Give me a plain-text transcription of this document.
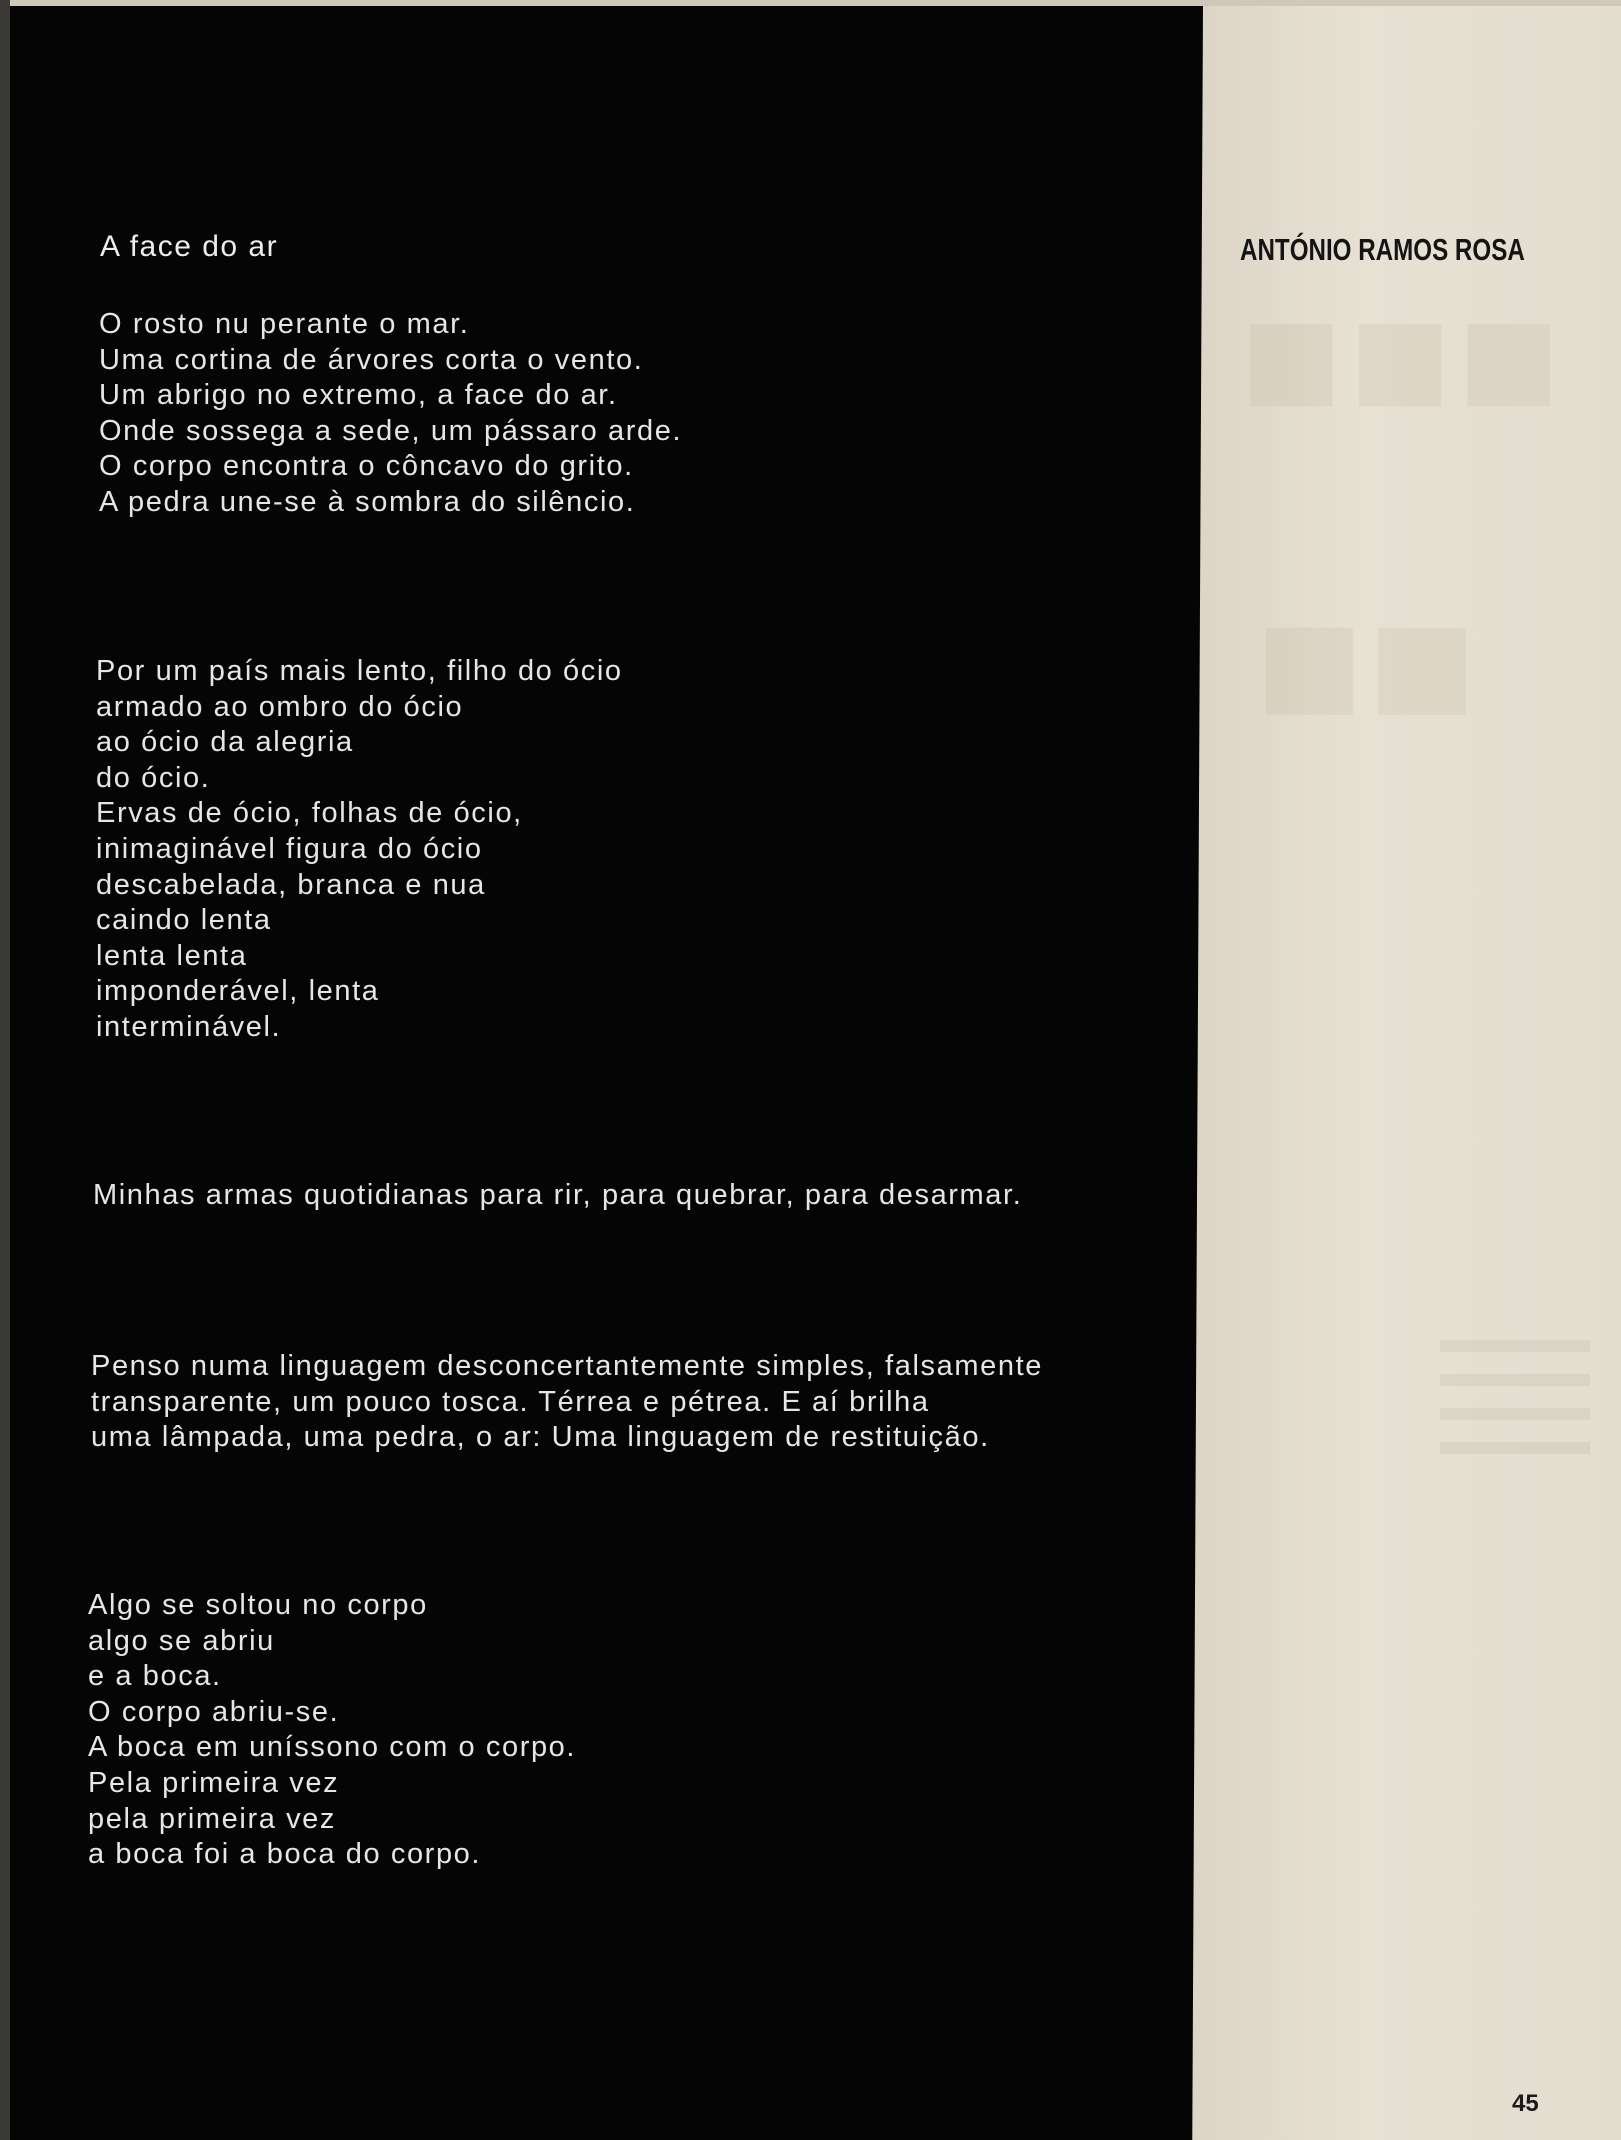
■■■
■■
A face do ar	ANTÓNIO RAMOS ROSA

O rosto nu perante o mar.
Uma cortina de árvores corta o vento.
Um abrigo no extremo, a face do ar.
Onde sossega a sede, um pássaro arde.
O corpo encontra o côncavo do grito.
A pedra une-se à sombra do silêncio.

Por um país mais lento, filho do ócio
armado ao ombro do ócio
ao ócio da alegria
do ócio.
Ervas de ócio, folhas de ócio,
inimaginável figura do ócio
descabelada, branca e nua
caindo lenta
lenta lenta
imponderável, lenta
interminável.

Minhas armas quotidianas para rir, para quebrar, para desarmar.

Penso numa linguagem desconcertantemente simples, falsamente
transparente, um pouco tosca. Térrea e pétrea. E aí brilha
uma lâmpada, uma pedra, o ar: Uma linguagem de restituição.

Algo se soltou no corpo
algo se abriu
e a boca.
O corpo abriu-se.
A boca em uníssono com o corpo.
Pela primeira vez
pela primeira vez
a boca foi a boca do corpo.

45
